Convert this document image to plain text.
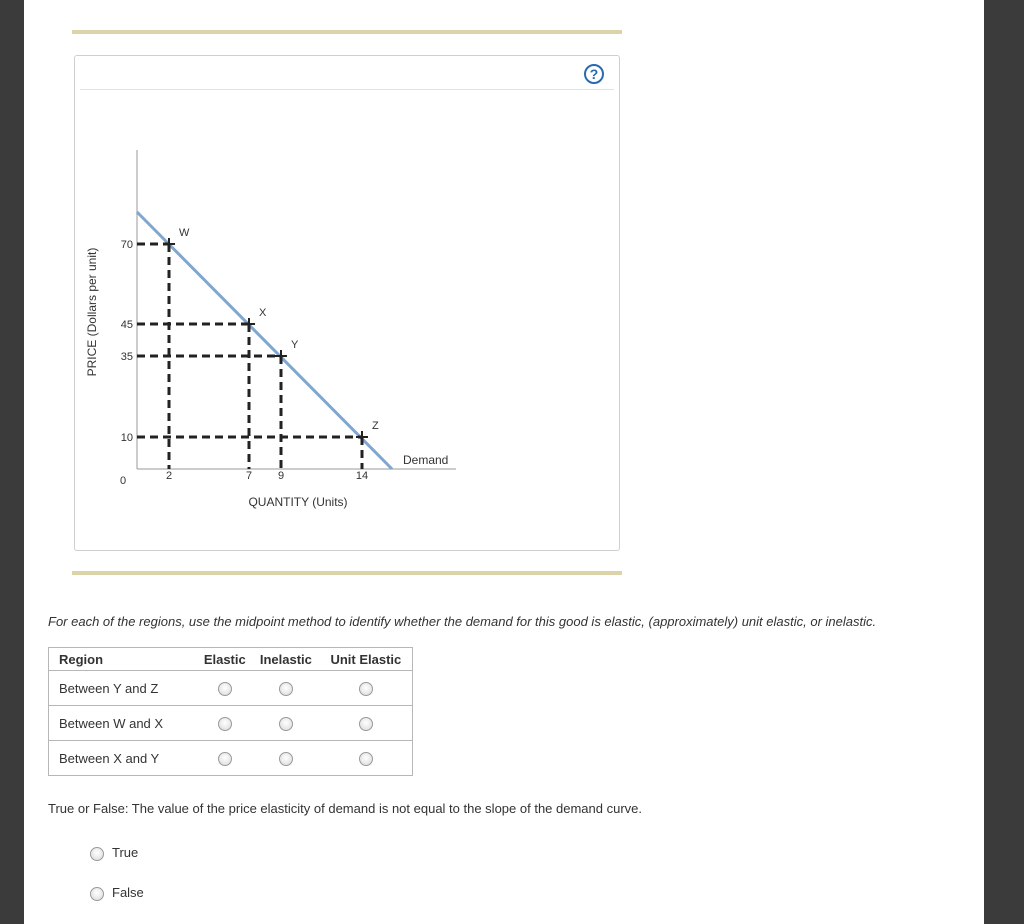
?
W
X
Y
Z
70
45
35
10
2	7 9	14
0
QUANTITY (Units)
PRICE (Dollars per unit)
Demand
For each of the regions, use the midpoint method to identify whether the demand for this good is elastic, (approximately) unit elastic, or inelastic.
Region	Elastic	Inelastic	Unit Elastic
Between Y and Z			
Between W and X			
Between X and Y			
True or False: The value of the price elasticity of demand is not equal to the slope of the demand curve.
True
False
